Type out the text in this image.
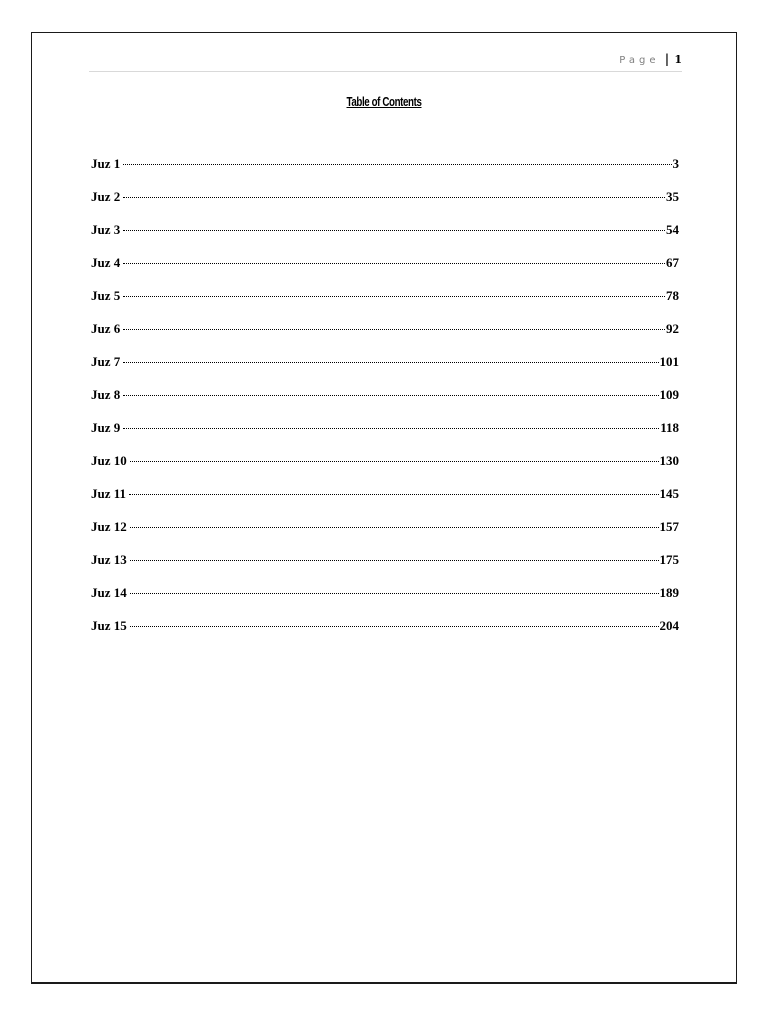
Page | 1
Table of Contents
Juz 1	3
Juz 2	35
Juz 3	54
Juz 4	67
Juz 5	78
Juz 6	92
Juz 7	101
Juz 8	109
Juz 9	118
Juz 10	130
Juz 11	145
Juz 12	157
Juz 13	175
Juz 14	189
Juz 15	204
